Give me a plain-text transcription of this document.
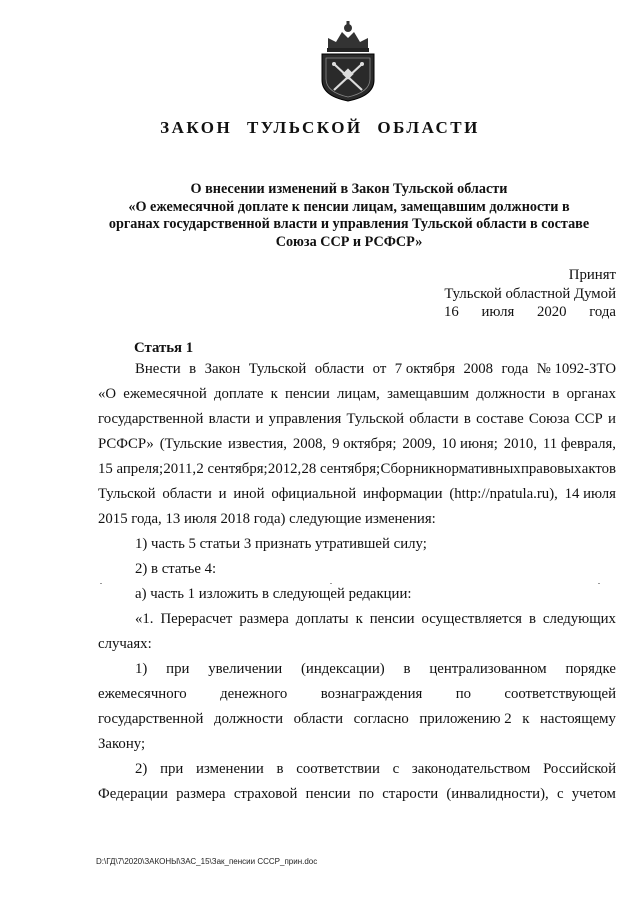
ЗАКОН ТУЛЬСКОЙ ОБЛАСТИ
О внесении изменений в Закон Тульской области
«О ежемесячной доплате к пенсии лицам, замещавшим должности в
органах государственной власти и управления Тульской области в составе
Союза ССР и РСФСР»
Принят
Тульской областной Думой
16 июля 2020 года
Статья 1
Внести в Закон Тульской области от 7 октября 2008 года № 1092-ЗТО
«О ежемесячной доплате к пенсии лицам, замещавшим должности в органах
государственной власти и управления Тульской области в составе Союза ССР и
РСФСР» (Тульские известия, 2008, 9 октября; 2009, 10 июня; 2010, 11 февраля,
15 апреля; 2011, 2 сентября; 2012, 28 сентября; Сборник нормативных правовых актов
Тульской области и иной официальной информации (http://npatula.ru), 14 июля
2015 года, 13 июля 2018 года) следующие изменения:
1) часть 5 статьи 3 признать утратившей силу;
2) в статье 4:
а) часть 1 изложить в следующей редакции:
«1. Перерасчет размера доплаты к пенсии осуществляется в следующих
случаях:
1) при увеличении (индексации) в централизованном порядке
ежемесячного денежного вознаграждения по соответствующей
государственной должности области согласно приложению 2 к настоящему
Закону;
2) при изменении в соответствии с законодательством Российской
Федерации размера страховой пенсии по старости (инвалидности), с учетом
D:\ГД\7\2020\ЗАКОНЫ\ЗАС_15\Зак_пенсии СССР_прин.doc
